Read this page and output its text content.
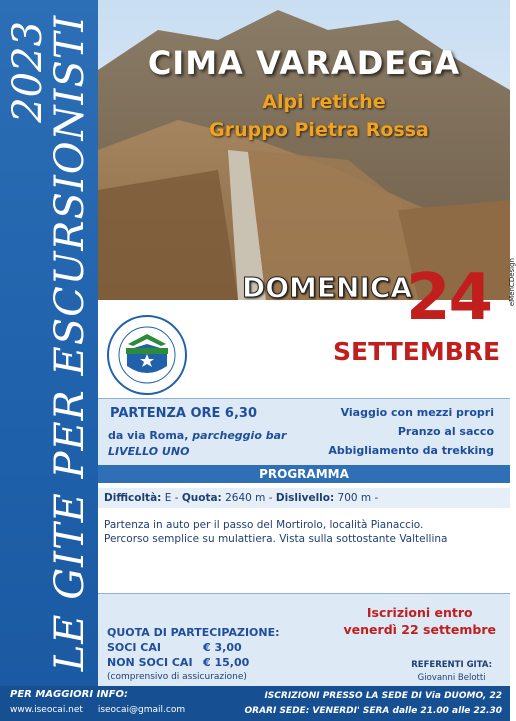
2023
LE GITE PER ESCURSIONISTI	CIMA VARADEGA
Alpi retiche
Gruppo Pietra Rossa
eMenCDesign
DOMENICA
24
SETTEMBRE
PARTENZA ORE 6,30
da via Roma, parcheggio bar
LIVELLO UNO
Viaggio con mezzi propri
Pranzo al sacco
Abbigliamento da trekking
PROGRAMMA
Difficoltà: E - Quota: 2640 m - Dislivello: 700 m -
Partenza in auto per il passo del Mortirolo, località Pianaccio.
Percorso semplice su mulattiera. Vista sulla sottostante Valtellina
Iscrizioni entro
venerdì 22 settembre
QUOTA DI PARTECIPAZIONE:
SOCI CAI	€ 3,00
NON SOCI CAI € 15,00
(comprensivo di assicurazione)
REFERENTI GITA:
Giovanni Belotti
PER MAGGIORI INFO:
www.iseocai.net iseocai@gmail.com
ISCRIZIONI PRESSO LA SEDE DI Via DUOMO, 22
ORARI SEDE: VENERDI' SERA dalle 21.00 alle 22.30
